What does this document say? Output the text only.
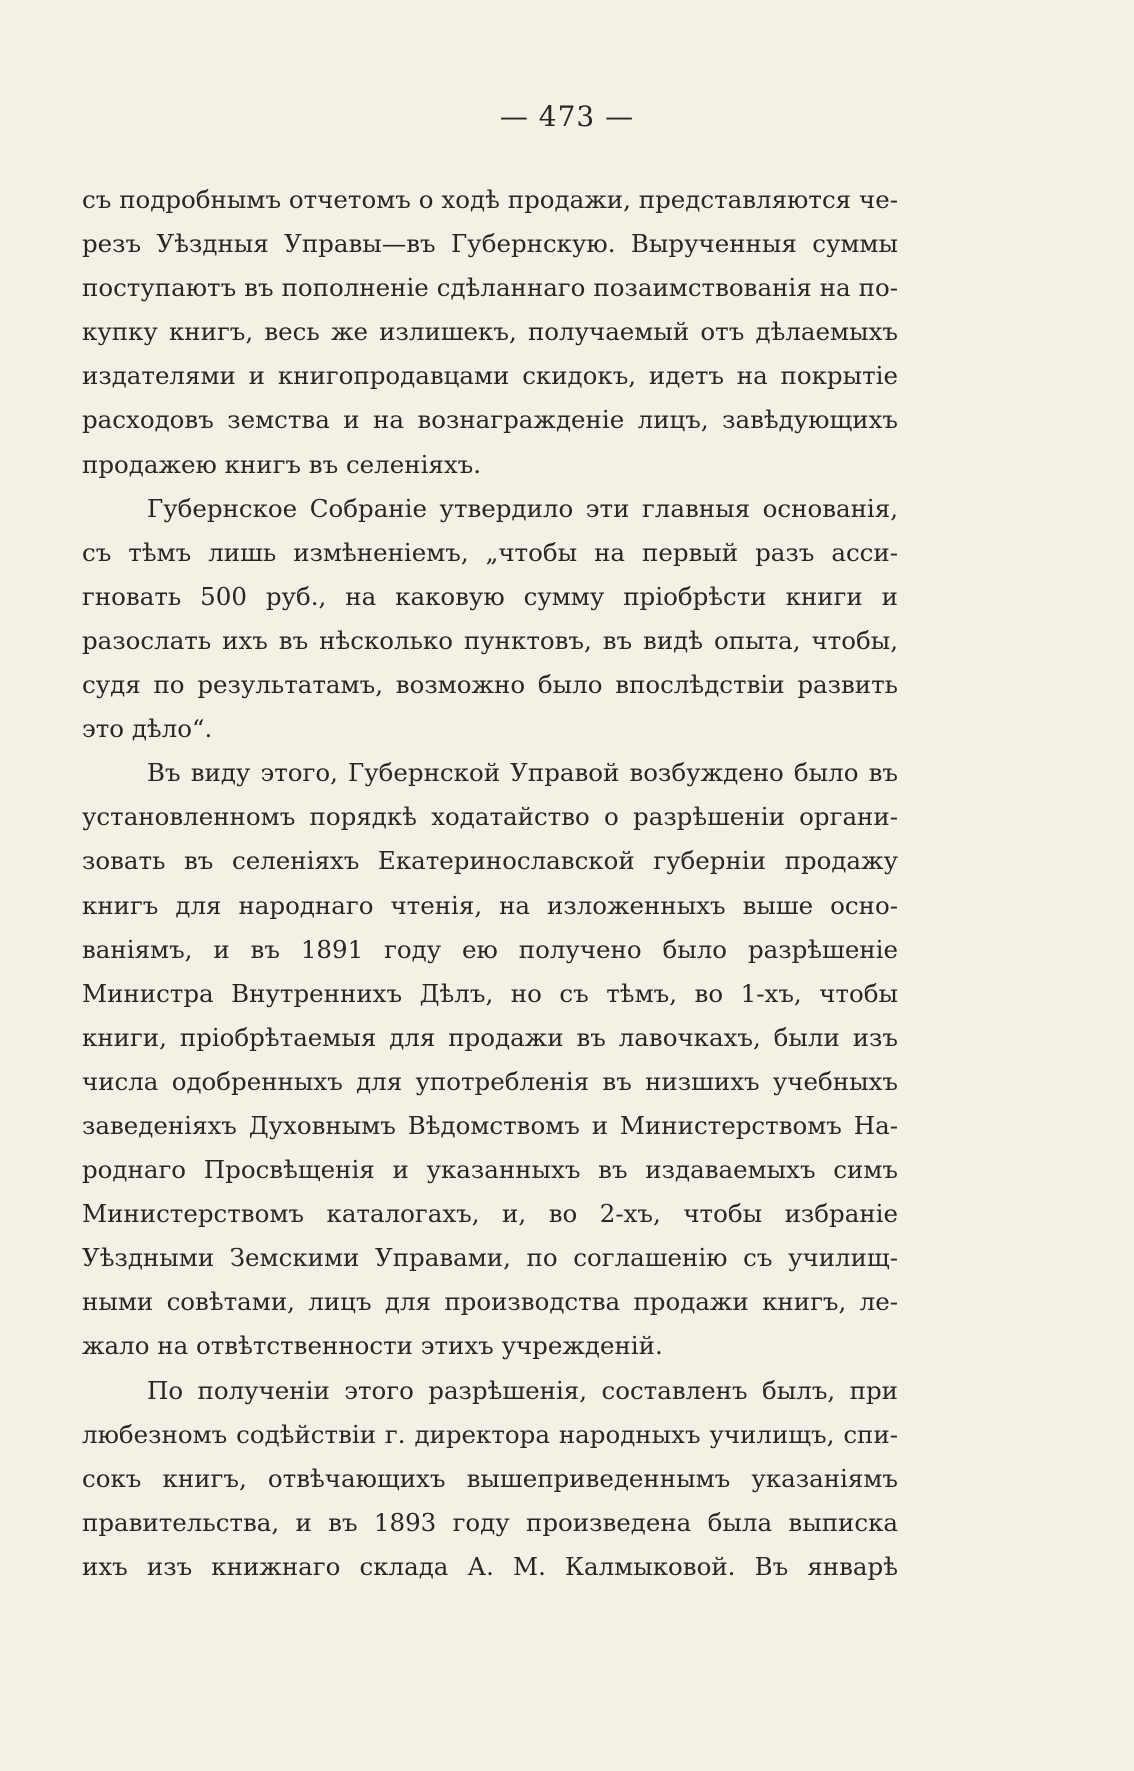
— 473 —
съ подробнымъ отчетомъ о ходѣ продажи, представляются че-
резъ Уѣздныя Управы—въ Губернскую. Вырученныя суммы
поступаютъ въ пополненіе сдѣланнаго позаимствованія на по-
купку книгъ, весь же излишекъ, получаемый отъ дѣлаемыхъ
издателями и книгопродавцами скидокъ, идетъ на покрытіе
расходовъ земства и на вознагражденіе лицъ, завѣдующихъ
продажею книгъ въ селеніяхъ.
Губернское Собраніе утвердило эти главныя основанія,
съ тѣмъ лишь измѣненіемъ, „чтобы на первый разъ асси-
гновать 500 руб., на каковую сумму пріобрѣсти книги и
разослать ихъ въ нѣсколько пунктовъ, въ видѣ опыта, чтобы,
судя по результатамъ, возможно было впослѣдствіи развить
это дѣло“.
Въ виду этого, Губернской Управой возбуждено было въ
установленномъ порядкѣ ходатайство о разрѣшеніи органи-
зовать въ селеніяхъ Екатеринославской губерніи продажу
книгъ для народнаго чтенія, на изложенныхъ выше осно-
ваніямъ, и въ 1891 году ею получено было разрѣшеніе
Министра Внутреннихъ Дѣлъ, но съ тѣмъ, во 1-хъ, чтобы
книги, пріобрѣтаемыя для продажи въ лавочкахъ, были изъ
числа одобренныхъ для употребленія въ низшихъ учебныхъ
заведеніяхъ Духовнымъ Вѣдомствомъ и Министерствомъ На-
роднаго Просвѣщенія и указанныхъ въ издаваемыхъ симъ
Министерствомъ каталогахъ, и, во 2-хъ, чтобы избраніе
Уѣздными Земскими Управами, по соглашенію съ училищ-
ными совѣтами, лицъ для производства продажи книгъ, ле-
жало на отвѣтственности этихъ учрежденій.
По полученіи этого разрѣшенія, составленъ былъ, при
любезномъ содѣйствіи г. директора народныхъ училищъ, спи-
сокъ книгъ, отвѣчающихъ вышеприведеннымъ указаніямъ
правительства, и въ 1893 году произведена была выписка
ихъ изъ книжнаго склада А. М. Калмыковой. Въ январѣ
